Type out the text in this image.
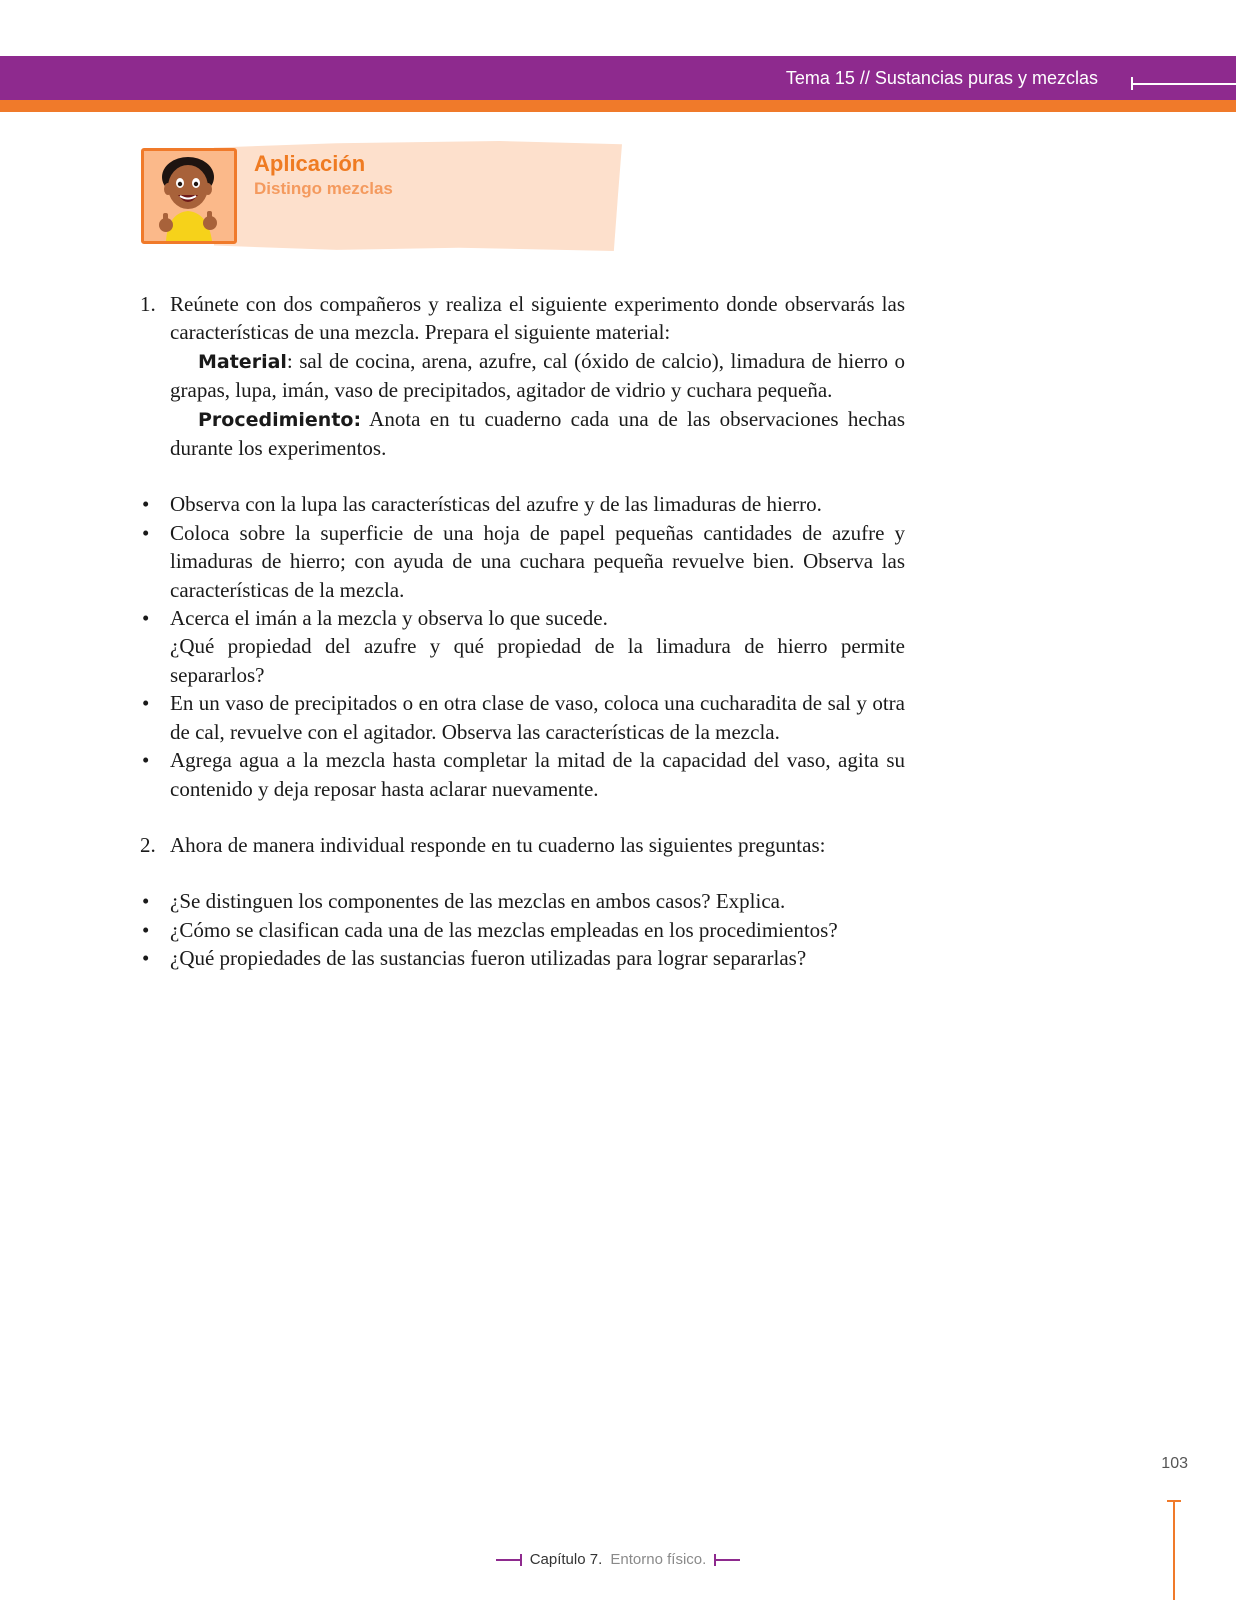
Tema 15 // Sustancias puras y mezclas
Aplicación
Distingo mezclas
1. Reúnete con dos compañeros y realiza el siguiente experimento donde observarás las características de una mezcla. Prepara el siguiente material:
Material: sal de cocina, arena, azufre, cal (óxido de calcio), limadura de hierro o grapas, lupa, imán, vaso de precipitados, agitador de vidrio y cuchara pequeña.
Procedimiento: Anota en tu cuaderno cada una de las observaciones hechas durante los experimentos.
• Observa con la lupa las características del azufre y de las limaduras de hierro.
• Coloca sobre la superficie de una hoja de papel pequeñas cantidades de azufre y limaduras de hierro; con ayuda de una cuchara pequeña revuelve bien. Observa las características de la mezcla.
• Acerca el imán a la mezcla y observa lo que sucede.
¿Qué propiedad del azufre y qué propiedad de la limadura de hierro permite separarlos?
• En un vaso de precipitados o en otra clase de vaso, coloca una cucharadita de sal y otra de cal, revuelve con el agitador. Observa las características de la mezcla.
• Agrega agua a la mezcla hasta completar la mitad de la capacidad del vaso, agita su contenido y deja reposar hasta aclarar nuevamente.
2. Ahora de manera individual responde en tu cuaderno las siguientes preguntas:
• ¿Se distinguen los componentes de las mezclas en ambos casos? Explica.
• ¿Cómo se clasifican cada una de las mezclas empleadas en los procedimientos?
• ¿Qué propiedades de las sustancias fueron utilizadas para lograr separarlas?
103
Capítulo 7. Entorno físico.
